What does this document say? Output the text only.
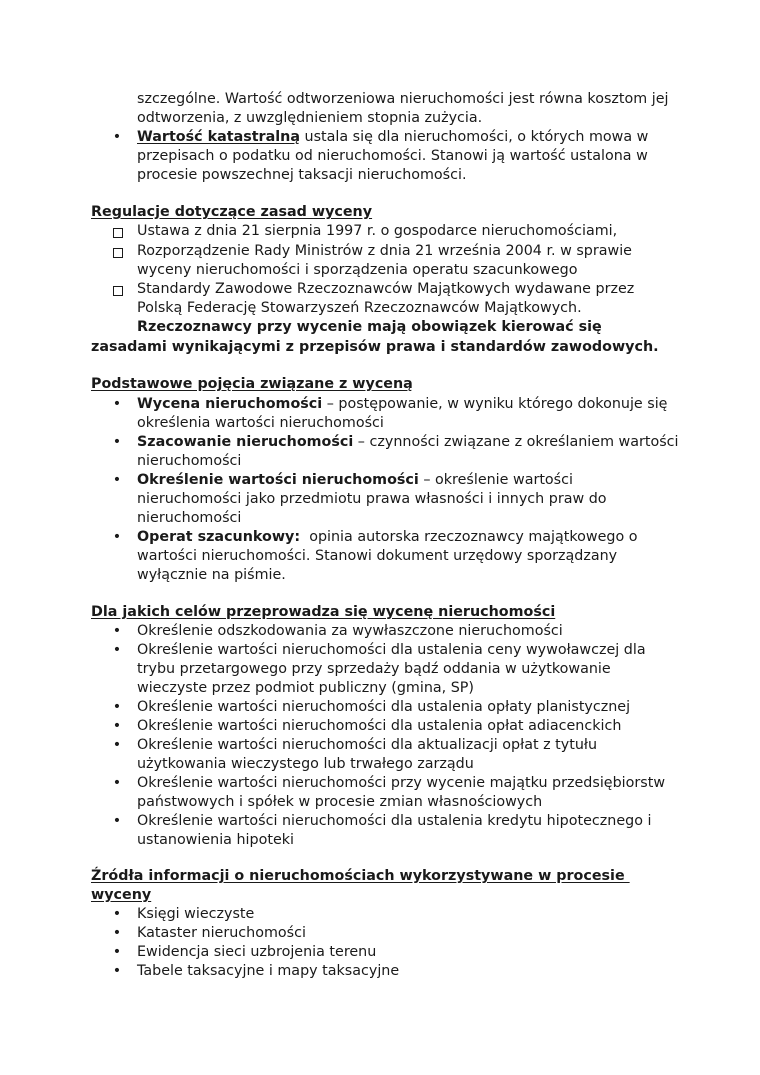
szczególne. Wartość odtworzeniowa nieruchomości jest równa kosztom jej
odtworzenia, z uwzględnieniem stopnia zużycia.
• Wartość katastralną ustala się dla nieruchomości, o których mowa w
przepisach o podatku od nieruchomości. Stanowi ją wartość ustalona w
procesie powszechnej taksacji nieruchomości.
Regulacje dotyczące zasad wyceny
Ustawa z dnia 21 sierpnia 1997 r. o gospodarce nieruchomościami,
Rozporządzenie Rady Ministrów z dnia 21 września 2004 r. w sprawie
wyceny nieruchomości i sporządzenia operatu szacunkowego
Standardy Zawodowe Rzeczoznawców Majątkowych wydawane przez
Polską Federację Stowarzyszeń Rzeczoznawców Majątkowych.
Rzeczoznawcy przy wycenie mają obowiązek kierować się
zasadami wynikającymi z przepisów prawa i standardów zawodowych.
Podstawowe pojęcia związane z wyceną
• Wycena nieruchomości – postępowanie, w wyniku którego dokonuje się
określenia wartości nieruchomości
• Szacowanie nieruchomości – czynności związane z określaniem wartości
nieruchomości
• Określenie wartości nieruchomości – określenie wartości
nieruchomości jako przedmiotu prawa własności i innych praw do
nieruchomości
• Operat szacunkowy:  opinia autorska rzeczoznawcy majątkowego o
wartości nieruchomości. Stanowi dokument urzędowy sporządzany
wyłącznie na piśmie.
Dla jakich celów przeprowadza się wycenę nieruchomości
• Określenie odszkodowania za wywłaszczone nieruchomości
• Określenie wartości nieruchomości dla ustalenia ceny wywoławczej dla
trybu przetargowego przy sprzedaży bądź oddania w użytkowanie
wieczyste przez podmiot publiczny (gmina, SP)
• Określenie wartości nieruchomości dla ustalenia opłaty planistycznej
• Określenie wartości nieruchomości dla ustalenia opłat adiacenckich
• Określenie wartości nieruchomości dla aktualizacji opłat z tytułu
użytkowania wieczystego lub trwałego zarządu
• Określenie wartości nieruchomości przy wycenie majątku przedsiębiorstw
państwowych i spółek w procesie zmian własnościowych
• Określenie wartości nieruchomości dla ustalenia kredytu hipotecznego i
ustanowienia hipoteki
Źródła informacji o nieruchomościach wykorzystywane w procesie
wyceny
• Księgi wieczyste
• Kataster nieruchomości
• Ewidencja sieci uzbrojenia terenu
• Tabele taksacyjne i mapy taksacyjne
